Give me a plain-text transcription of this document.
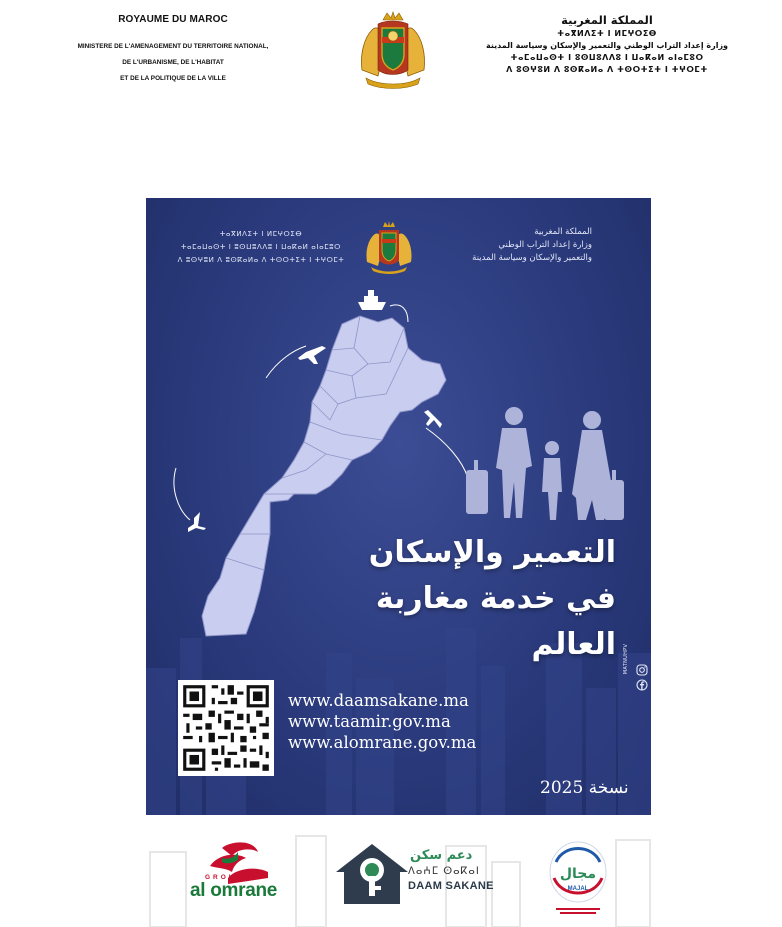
ROYAUME DU MAROC
MINISTERE DE L'AMENAGEMENT DU TERRITOIRE NATIONAL,
DE L'URBANISME, DE L'HABITAT
ET DE LA POLITIQUE DE LA VILLE
المملكة المغربية
ⵜⴰⴳⵍⴷⵉⵜ ⵏ ⵍⵎⵖⵔⵉⴱ
وزارة إعداد التراب الوطني والتعمير والإسكان وسياسة المدينة
ⵜⴰⵎⴰⵡⴰⵙⵜ ⵏ ⵓⵙⵡⵓⴷⴷⵓ ⵏ ⵡⴰⴽⴰⵍ ⴰⵏⴰⵎⵓⵔ
ⴷ ⵓⵙⵖⵓⵍ ⴷ ⵓⵙⴽⴰⵍⴰ ⴷ ⵜⵙⵔⵜⵉⵜ ⵏ ⵜⵖⵔⵎⵜ
ⵜⴰⴳⵍⴷⵉⵜ ⵏ ⵍⵎⵖⵔⵉⴱ
ⵜⴰⵎⴰⵡⴰⵙⵜ ⵏ ⵓⵙⵡⵓⴷⴷⵓ ⵏ ⵡⴰⴽⴰⵍ ⴰⵏⴰⵎⵓⵔ
ⴷ ⵓⵙⵖⵓⵍ ⴷ ⵓⵙⴽⴰⵍⴰ ⴷ ⵜⵙⵔⵜⵉⵜ ⵏ ⵜⵖⵔⵎⵜ
المملكة المغربية
وزارة إعداد التراب الوطني
والتعمير والإسكان وسياسة المدينة
التعمير والإسكان
في خدمة مغاربة العالم MATNUHPV
www.daamsakane.ma
www.taamir.gov.ma
www.alomrane.gov.ma
نسخة 2025
GROUPE
al omrane
دعم سكن
ⴷⴰⵄⵎ ⵙⴰⴽⴰⵏ
DAAM SAKANE
مجال
MAJAL
